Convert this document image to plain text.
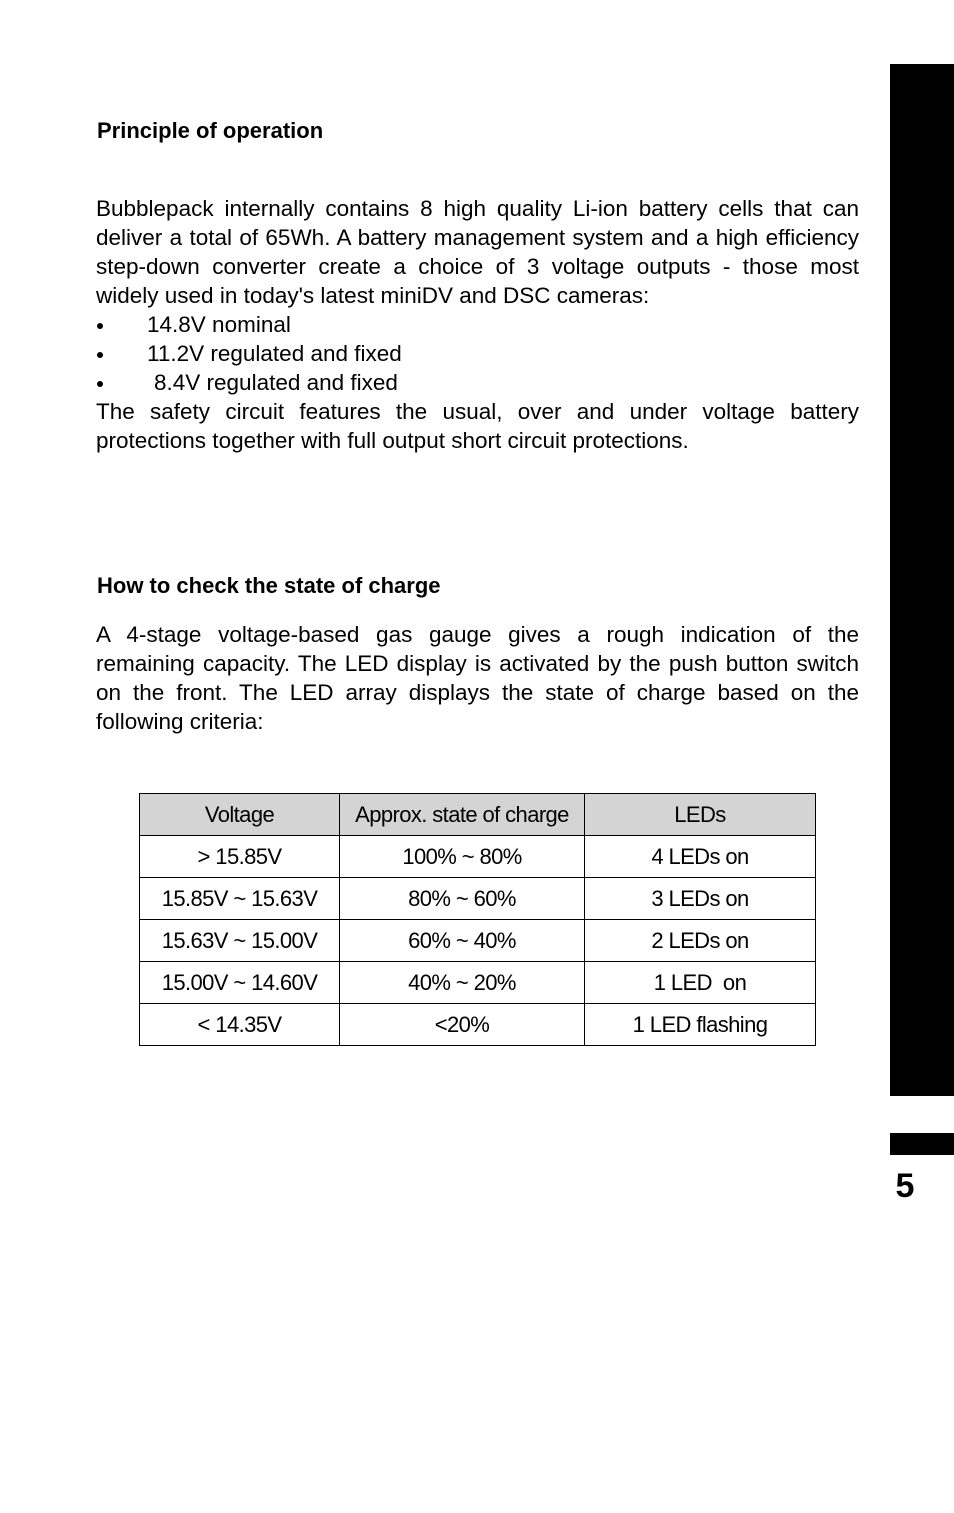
5
Principle of operation
Bubblepack internally contains 8 high quality Li-ion battery cells that can deliver a total of 65Wh. A battery management system and a high efficiency step-down converter create a choice of 3 voltage outputs - those most widely used in today's latest miniDV and DSC cameras:
14.8V nominal
11.2V regulated and fixed
8.4V regulated and fixed
The safety circuit features the usual, over and under voltage battery protections together with full output short circuit protections.
How to check the state of charge
A 4-stage voltage-based gas gauge gives a rough indication of the remaining capacity. The LED display is activated by the push button switch on the front. The LED array displays the state of charge based on the following criteria:
Voltage	Approx. state of charge	LEDs
> 15.85V	100% ~ 80%	4 LEDs on
15.85V ~ 15.63V	80% ~ 60%	3 LEDs on
15.63V ~ 15.00V	60% ~ 40%	2 LEDs on
15.00V ~ 14.60V	40% ~ 20%	1 LED  on
< 14.35V	<20%	1 LED flashing
